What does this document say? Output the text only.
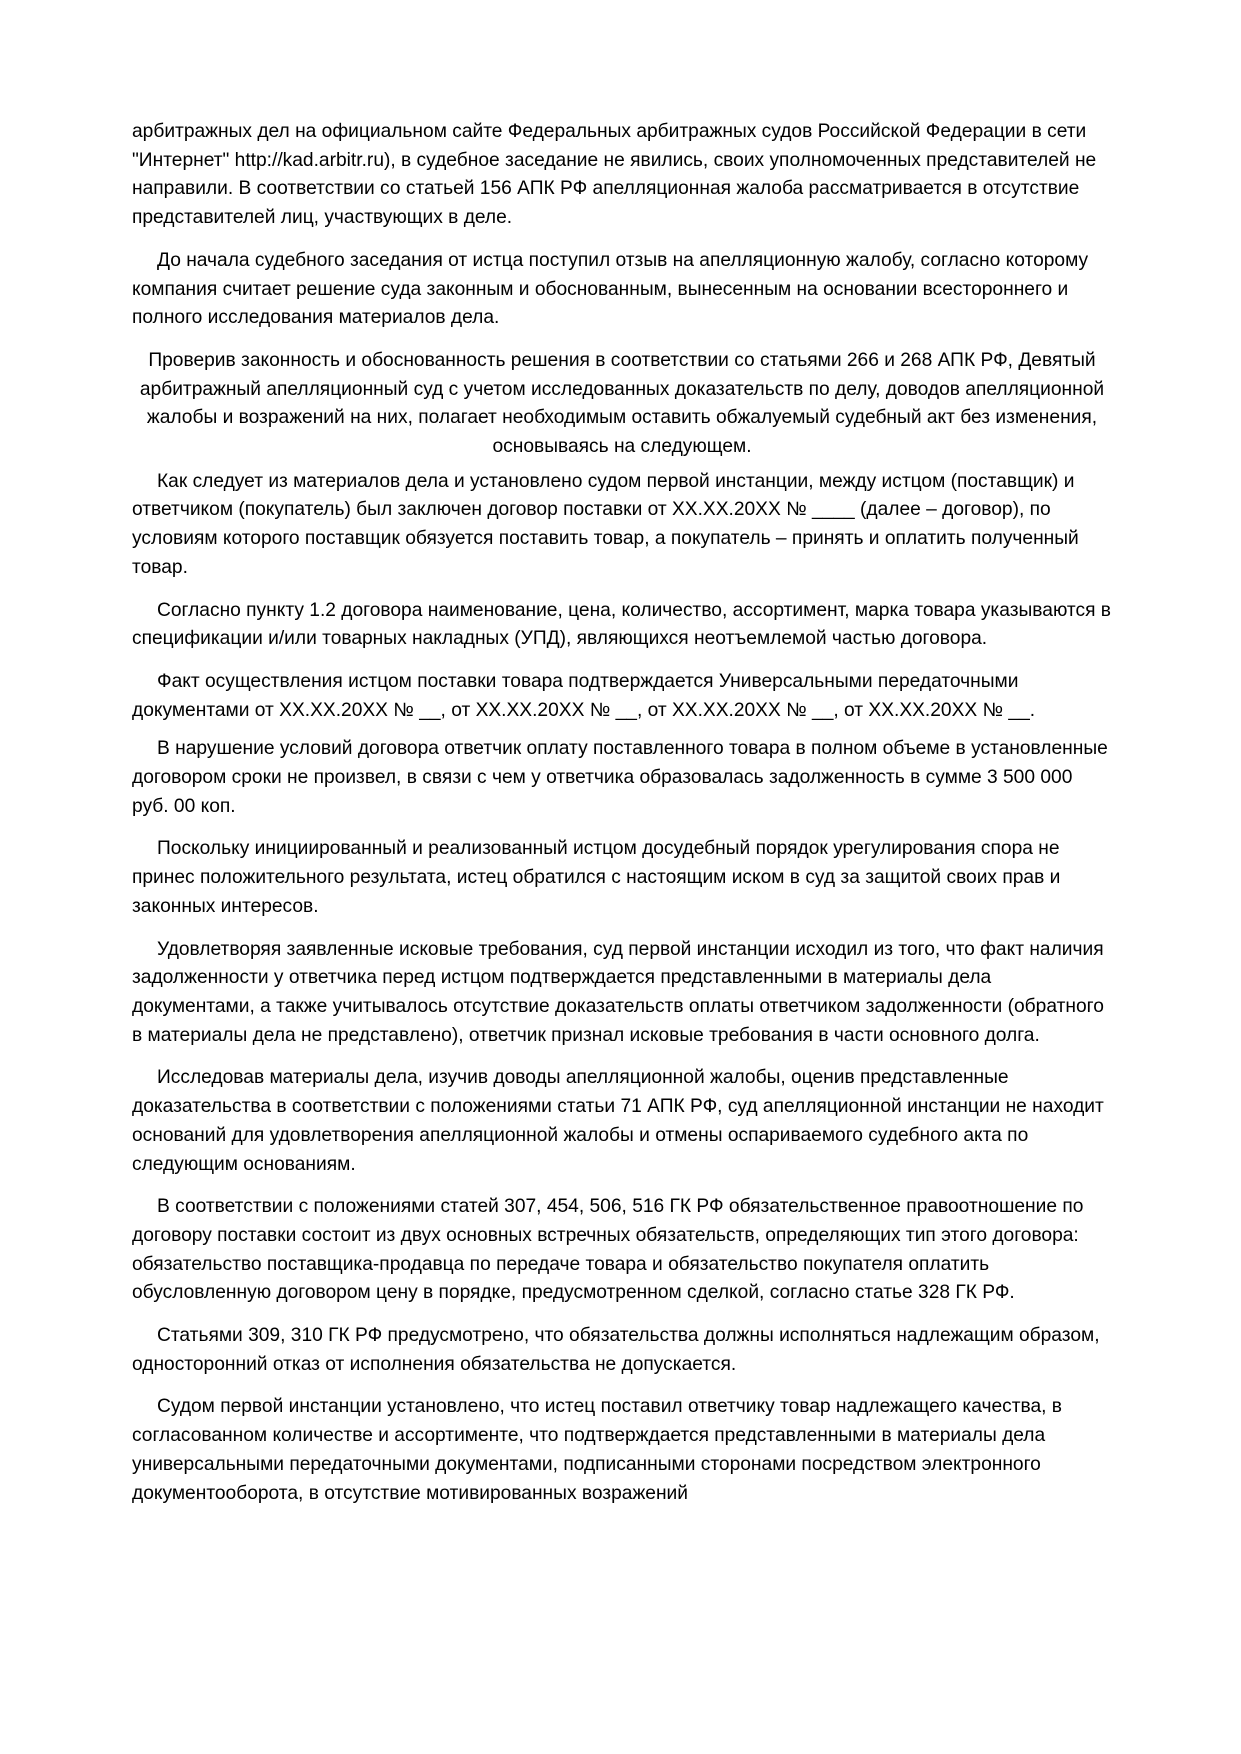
арбитражных дел на официальном сайте Федеральных арбитражных судов Российской Федерации в сети "Интернет" http://kad.arbitr.ru), в судебное заседание не явились, своих уполномоченных представителей не направили. В соответствии со статьей 156 АПК РФ апелляционная жалоба рассматривается в отсутствие представителей лиц, участвующих в деле.

До начала судебного заседания от истца поступил отзыв на апелляционную жалобу, согласно которому компания считает решение суда законным и обоснованным, вынесенным на основании всестороннего и полного исследования материалов дела.

Проверив законность и обоснованность решения в соответствии со статьями 266 и 268 АПК РФ, Девятый арбитражный апелляционный суд с учетом исследованных доказательств по делу, доводов апелляционной жалобы и возражений на них, полагает необходимым оставить обжалуемый судебный акт без изменения, основываясь на следующем.

Как следует из материалов дела и установлено судом первой инстанции, между истцом (поставщик) и ответчиком (покупатель) был заключен договор поставки от ХХ.ХХ.20ХХ № ____ (далее – договор), по условиям которого поставщик обязуется поставить товар, а покупатель – принять и оплатить полученный товар.

Согласно пункту 1.2 договора наименование, цена, количество, ассортимент, марка товара указываются в спецификации и/или товарных накладных (УПД), являющихся неотъемлемой частью договора.

Факт осуществления истцом поставки товара подтверждается Универсальными передаточными документами от ХХ.ХХ.20ХХ № __, от ХХ.ХХ.20ХХ № __, от ХХ.ХХ.20ХХ № __, от ХХ.ХХ.20ХХ № __.

В нарушение условий договора ответчик оплату поставленного товара в полном объеме в установленные договором сроки не произвел, в связи с чем у ответчика образовалась задолженность в сумме 3 500 000 руб. 00 коп.

Поскольку инициированный и реализованный истцом досудебный порядок урегулирования спора не принес положительного результата, истец обратился с настоящим иском в суд за защитой своих прав и законных интересов.

Удовлетворяя заявленные исковые требования, суд первой инстанции исходил из того, что факт наличия задолженности у ответчика перед истцом подтверждается представленными в материалы дела документами, а также учитывалось отсутствие доказательств оплаты ответчиком задолженности (обратного в материалы дела не представлено), ответчик признал исковые требования в части основного долга.

Исследовав материалы дела, изучив доводы апелляционной жалобы, оценив представленные доказательства в соответствии с положениями статьи 71 АПК РФ, суд апелляционной инстанции не находит оснований для удовлетворения апелляционной жалобы и отмены оспариваемого судебного акта по следующим основаниям.

В соответствии с положениями статей 307, 454, 506, 516 ГК РФ обязательственное правоотношение по договору поставки состоит из двух основных встречных обязательств, определяющих тип этого договора: обязательство поставщика-продавца по передаче товара и обязательство покупателя оплатить обусловленную договором цену в порядке, предусмотренном сделкой, согласно статье 328 ГК РФ.

Статьями 309, 310 ГК РФ предусмотрено, что обязательства должны исполняться надлежащим образом, односторонний отказ от исполнения обязательства не допускается.

Судом первой инстанции установлено, что истец поставил ответчику товар надлежащего качества, в согласованном количестве и ассортименте, что подтверждается представленными в материалы дела универсальными передаточными документами, подписанными сторонами посредством электронного документооборота, в отсутствие мотивированных возражений
